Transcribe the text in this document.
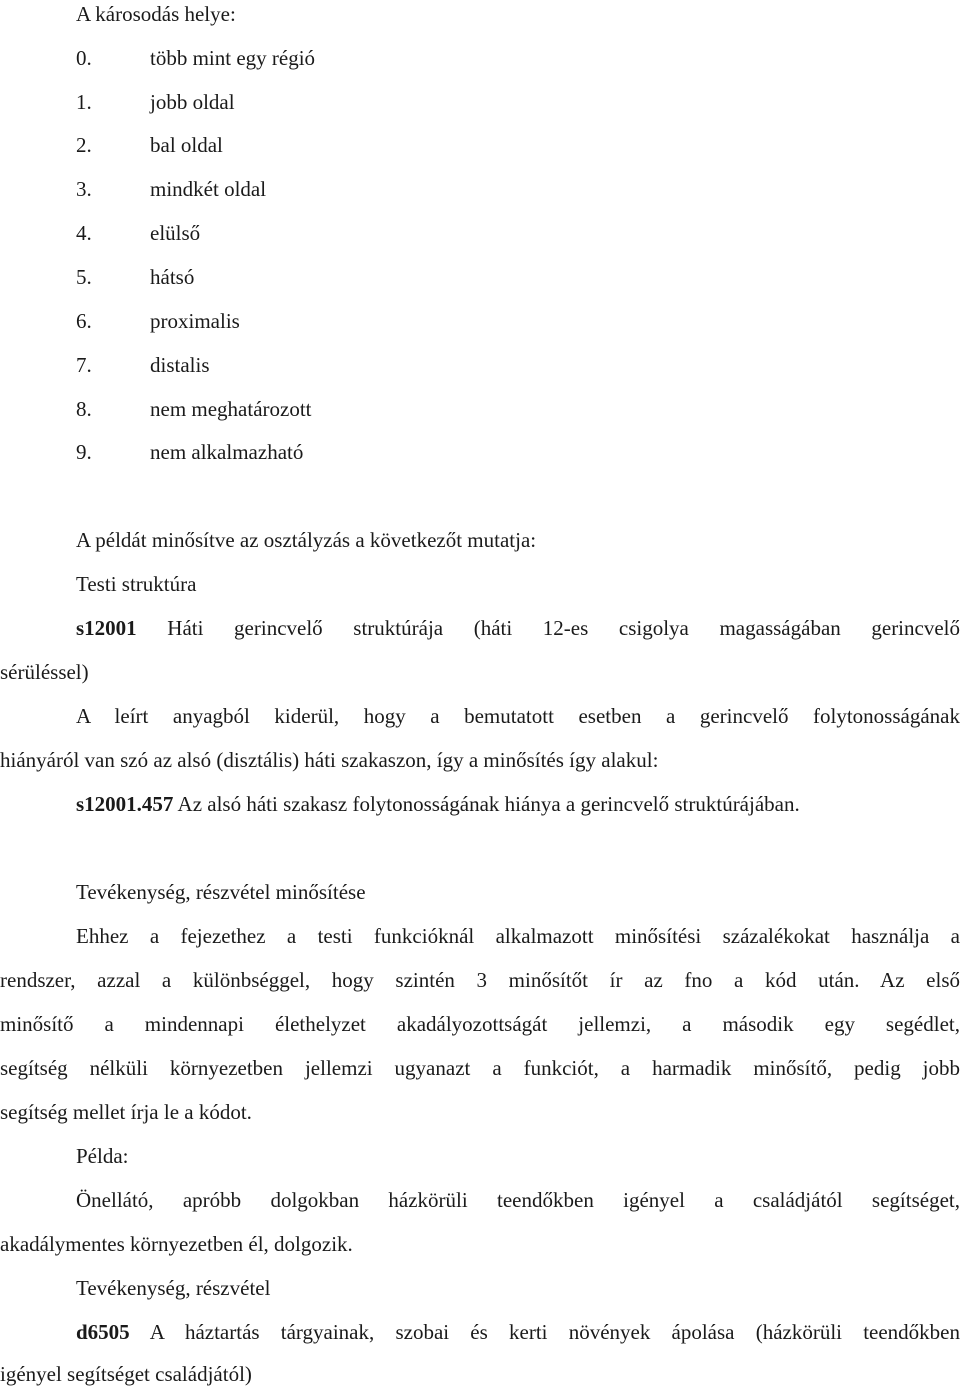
A károsodás helye:
0.	több mint egy régió
1.	jobb oldal
2.	bal oldal
3.	mindkét oldal
4.	elülső
5.	hátsó
6.	proximalis
7.	distalis
8.	nem meghatározott
9.	nem alkalmazható
A példát minősítve az osztályzás a következőt mutatja:
Testi struktúra
s12001 Háti gerincvelő struktúrája (háti 12-es csigolya magasságában gerincvelő
sérüléssel)
A leírt anyagból kiderül, hogy a bemutatott esetben a gerincvelő folytonosságának
hiányáról van szó az alsó (disztális) háti szakaszon, így a minősítés így alakul:
s12001.457 Az alsó háti szakasz folytonosságának hiánya a gerincvelő struktúrájában.
Tevékenység, részvétel minősítése
Ehhez a fejezethez a testi funkcióknál alkalmazott minősítési százalékokat használja a
rendszer, azzal a különbséggel, hogy szintén 3 minősítőt ír az fno a kód után. Az első
minősítő a mindennapi élethelyzet akadályozottságát jellemzi, a második egy segédlet,
segítség nélküli környezetben jellemzi ugyanazt a funkciót, a harmadik minősítő, pedig jobb
segítség mellet írja le a kódot.
Példa:
Önellátó, apróbb dolgokban házkörüli teendőkben igényel a családjától segítséget,
akadálymentes környezetben él, dolgozik.
Tevékenység, részvétel
d6505 A háztartás tárgyainak, szobai és kerti növények ápolása (házkörüli teendőkben
igényel segítséget családjától)
